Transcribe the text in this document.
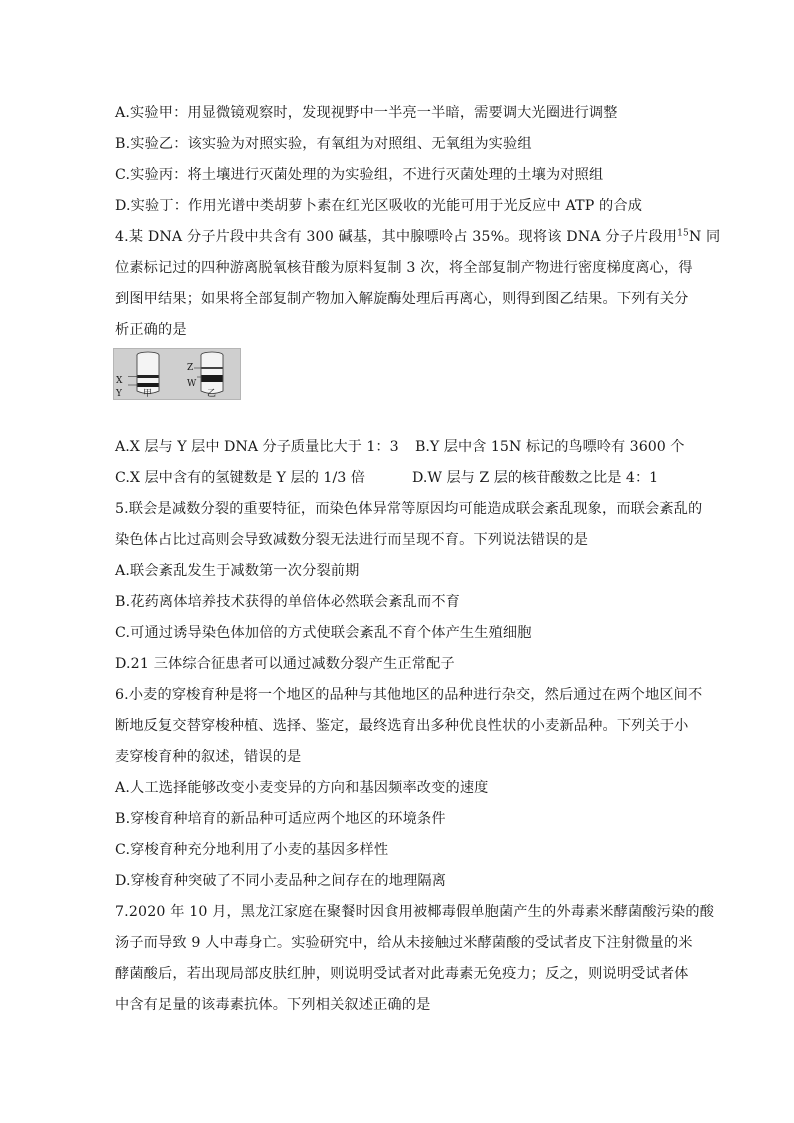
A.实验甲：用显微镜观察时，发现视野中一半亮一半暗，需要调大光圈进行调整
B.实验乙：该实验为对照实验，有氧组为对照组、无氧组为实验组
C.实验丙：将土壤进行灭菌处理的为实验组，不进行灭菌处理的土壤为对照组
D.实验丁：作用光谱中类胡萝卜素在红光区吸收的光能可用于光反应中 ATP 的合成
4.某 DNA 分子片段中共含有 300 碱基，其中腺嘌呤占 35%。现将该 DNA 分子片段用$^{15}$N 同
位素标记过的四种游离脱氧核苷酸为原料复制 3 次，将全部复制产物进行密度梯度离心，得
到图甲结果；如果将全部复制产物加入解旋酶处理后再离心，则得到图乙结果。下列有关分
析正确的是
X
Y 甲
Z
W
乙
A.X 层与 Y 层中 DNA 分子质量比大于 1：3 B.Y 层中含 15N 标记的鸟嘌呤有 3600 个
C.X 层中含有的氢键数是 Y 层的 1/3 倍	D.W 层与 Z 层的核苷酸数之比是 4：1
5.联会是减数分裂的重要特征，而染色体异常等原因均可能造成联会紊乱现象，而联会紊乱的
染色体占比过高则会导致减数分裂无法进行而呈现不育。下列说法错误的是
A.联会紊乱发生于减数第一次分裂前期
B.花药离体培养技术获得的单倍体必然联会紊乱而不育
C.可通过诱导染色体加倍的方式使联会紊乱不育个体产生生殖细胞
D.21 三体综合征患者可以通过减数分裂产生正常配子
6.小麦的穿梭育种是将一个地区的品种与其他地区的品种进行杂交，然后通过在两个地区间不
断地反复交替穿梭种植、选择、鉴定，最终选育出多种优良性状的小麦新品种。下列关于小
麦穿梭育种的叙述，错误的是
A.人工选择能够改变小麦变异的方向和基因频率改变的速度
B.穿梭育种培育的新品种可适应两个地区的环境条件
C.穿梭育种充分地利用了小麦的基因多样性
D.穿梭育种突破了不同小麦品种之间存在的地理隔离
7.2020 年 10 月，黑龙江家庭在聚餐时因食用被椰毒假单胞菌产生的外毒素米酵菌酸污染的酸
汤子而导致 9 人中毒身亡。实验研究中，给从未接触过米酵菌酸的受试者皮下注射微量的米
酵菌酸后，若出现局部皮肤红肿，则说明受试者对此毒素无免疫力；反之，则说明受试者体
中含有足量的该毒素抗体。下列相关叙述正确的是
